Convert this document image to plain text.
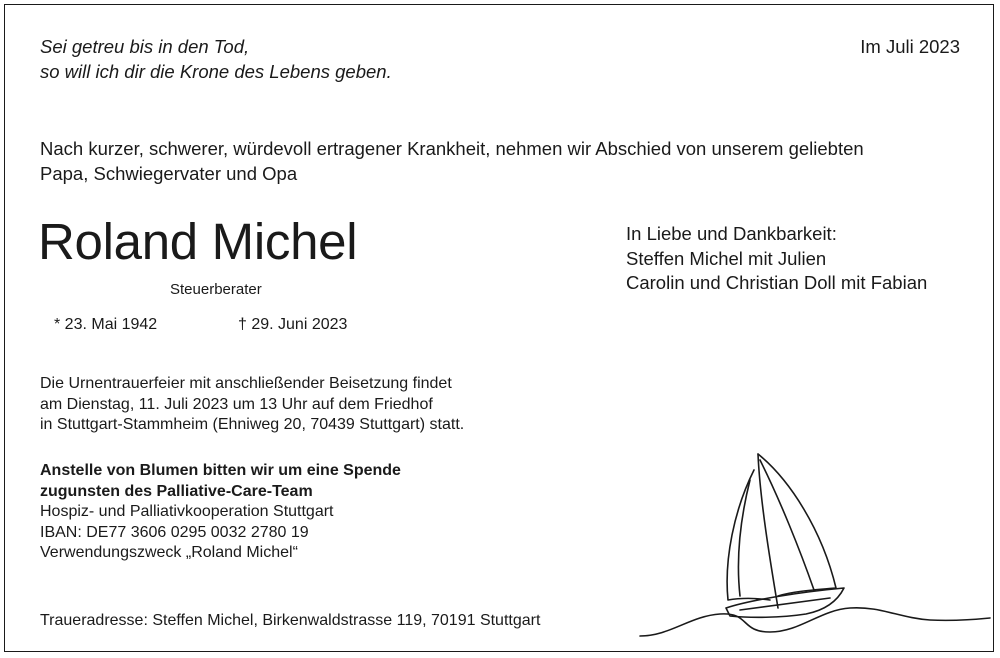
Sei getreu bis in den Tod,
so will ich dir die Krone des Lebens geben.
Im Juli 2023
Nach kurzer, schwerer, würdevoll ertragener Krankheit, nehmen wir Abschied von unserem geliebten
Papa, Schwiegervater und Opa
Roland Michel
Steuerberater
* 23. Mai 1942	† 29. Juni 2023
In Liebe und Dankbarkeit:
Steffen Michel mit Julien
Carolin und Christian Doll mit Fabian
Die Urnentrauerfeier mit anschließender Beisetzung findet
am Dienstag, 11. Juli 2023 um 13 Uhr auf dem Friedhof
in Stuttgart-Stammheim (Ehniweg 20, 70439 Stuttgart) statt.
Anstelle von Blumen bitten wir um eine Spende
zugunsten des Palliative-Care-Team
Hospiz- und Palliativkooperation Stuttgart
IBAN: DE77 3606 0295 0032 2780 19
Verwendungszweck „Roland Michel“
Traueradresse: Steffen Michel, Birkenwaldstrasse 119, 70191 Stuttgart
